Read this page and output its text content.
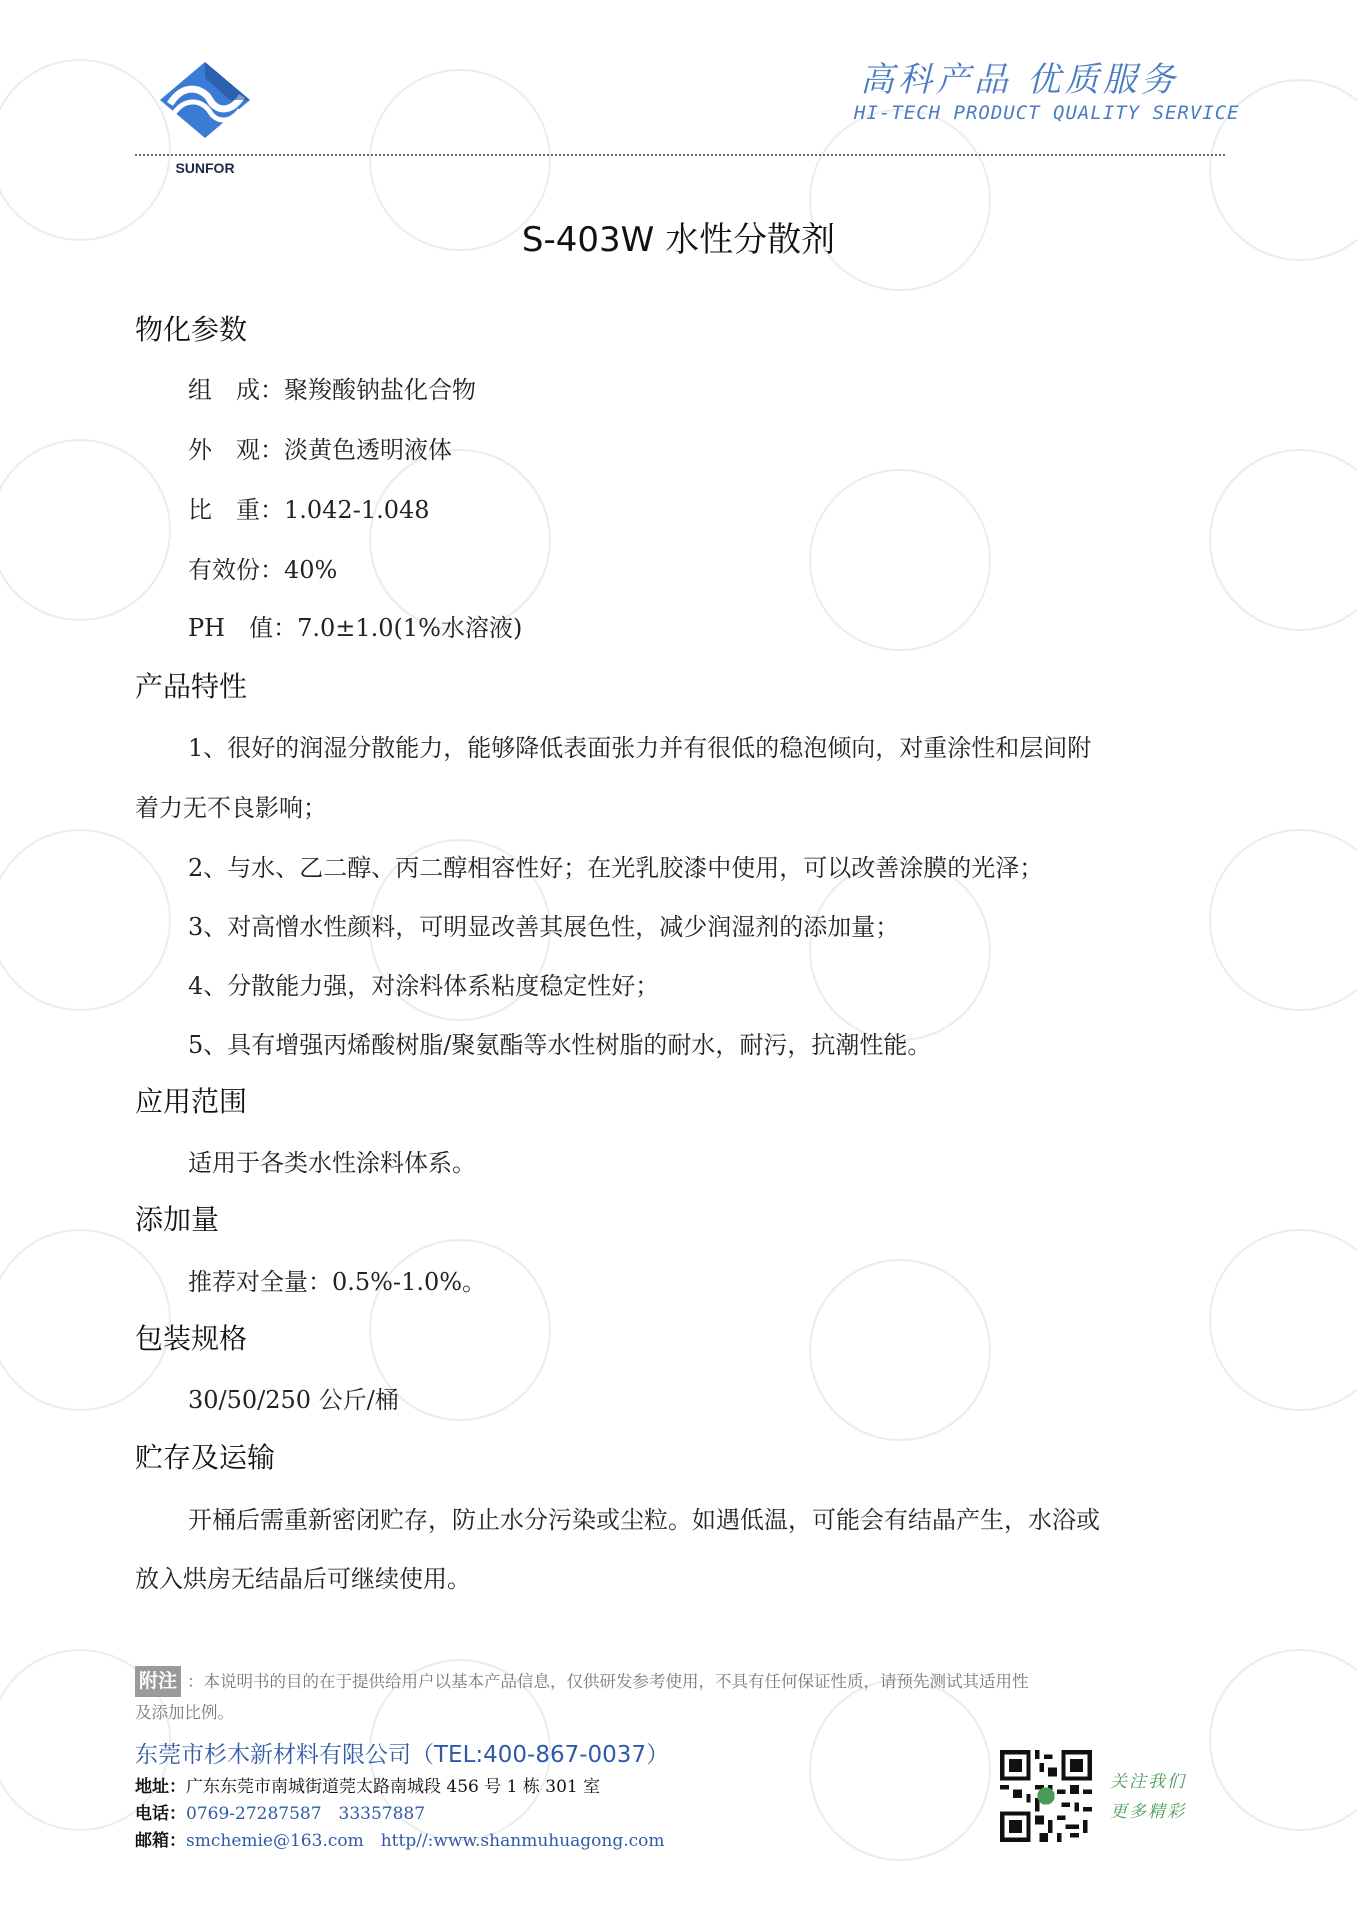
SUNFOR
高科产品 优质服务
HI-TECH PRODUCT QUALITY SERVICE
S-403W 水性分散剂
物化参数
组　成：聚羧酸钠盐化合物
外　观：淡黄色透明液体
比　重：1.042-1.048
有效份：40%
PH　值：7.0±1.0(1%水溶液)
产品特性
1、很好的润湿分散能力，能够降低表面张力并有很低的稳泡倾向，对重涂性和层间附
着力无不良影响；
2、与水、乙二醇、丙二醇相容性好；在光乳胶漆中使用，可以改善涂膜的光泽；
3、对高憎水性颜料，可明显改善其展色性，减少润湿剂的添加量；
4、分散能力强，对涂料体系粘度稳定性好；
5、具有增强丙烯酸树脂/聚氨酯等水性树脂的耐水，耐污，抗潮性能。
应用范围
适用于各类水性涂料体系。
添加量
推荐对全量：0.5%-1.0%。
包装规格
30/50/250 公斤/桶
贮存及运输
开桶后需重新密闭贮存，防止水分污染或尘粒。如遇低温，可能会有结晶产生，水浴或
放入烘房无结晶后可继续使用。
附注 ：本说明书的目的在于提供给用户以基本产品信息，仅供研发参考使用，不具有任何保证性质，请预先测试其适用性
及添加比例。
东莞市杉木新材料有限公司（TEL:400-867-0037）
地址：广东东莞市南城街道莞太路南城段 456 号 1 栋 301 室
电话：0769-27287587　33357887
邮箱：smchemie@163.com　http//:www.shanmuhuagong.com
关注我们
更多精彩
